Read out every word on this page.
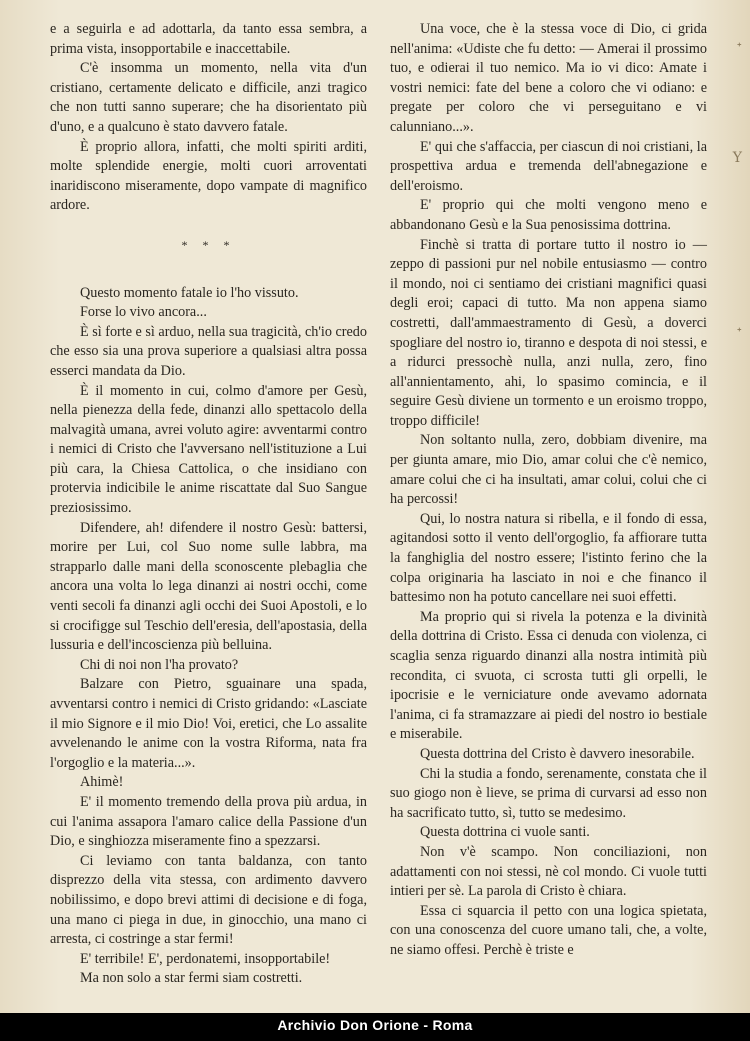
e a seguirla e ad adottarla, da tanto essa sembra, a prima vista, insopportabile e inaccettabile.

C'è insomma un momento, nella vita d'un cristiano, certamente delicato e difficile, anzi tragico che non tutti sanno superare; che ha disorientato più d'uno, e a qualcuno è stato davvero fatale.

È proprio allora, infatti, che molti spiriti arditi, molte splendide energie, molti cuori arroventati inaridiscono miseramente, dopo vampate di magnifico ardore.

* * *

Questo momento fatale io l'ho vissuto.

Forse lo vivo ancora...

È sì forte e sì arduo, nella sua tragicità, ch'io credo che esso sia una prova superiore a qualsiasi altra possa esserci mandata da Dio.

È il momento in cui, colmo d'amore per Gesù, nella pienezza della fede, dinanzi allo spettacolo della malvagità umana, avrei voluto agire: avventarmi contro i nemici di Cristo che l'avversano nell'istituzione a Lui più cara, la Chiesa Cattolica, o che insidiano con protervia indicibile le anime riscattate dal Suo Sangue preziosissimo.

Difendere, ah! difendere il nostro Gesù: battersi, morire per Lui, col Suo nome sulle labbra, ma strapparlo dalle mani della sconoscente plebaglia che ancora una volta lo lega dinanzi ai nostri occhi, come venti secoli fa dinanzi agli occhi dei Suoi Apostoli, e lo si crocifigge sul Teschio dell'eresia, dell'apostasia, della lussuria e dell'incoscienza più belluina.

Chi di noi non l'ha provato?

Balzare con Pietro, sguainare una spada, avventarsi contro i nemici di Cristo gridando: «Lasciate il mio Signore e il mio Dio! Voi, eretici, che Lo assalite avvelenando le anime con la vostra Riforma, nata fra l'orgoglio e la materia...».

Ahimè!

E' il momento tremendo della prova più ardua, in cui l'anima assapora l'amaro calice della Passione d'un Dio, e singhiozza miseramente fino a spezzarsi.

Ci leviamo con tanta baldanza, con tanto disprezzo della vita stessa, con ardimento davvero nobilissimo, e dopo brevi attimi di decisione e di foga, una mano ci piega in due, in ginocchio, una mano ci arresta, ci costringe a star fermi!

E' terribile! E', perdonatemi, insopportabile!

Ma non solo a star fermi siam costretti.

Una voce, che è la stessa voce di Dio, ci grida nell'anima: «Udiste che fu detto: — Amerai il prossimo tuo, e odierai il tuo nemico. Ma io vi dico: Amate i vostri nemici: fate del bene a coloro che vi odiano: e pregate per coloro che vi perseguitano e vi calunniano...».

E' qui che s'affaccia, per ciascun di noi cristiani, la prospettiva ardua e tremenda dell'abnegazione e dell'eroismo.

E' proprio qui che molti vengono meno e abbandonano Gesù e la Sua penosissima dottrina.

Finchè si tratta di portare tutto il nostro io — zeppo di passioni pur nel nobile entusiasmo — contro il mondo, noi ci sentiamo dei cristiani magnifici quasi degli eroi; capaci di tutto. Ma non appena siamo costretti, dall'ammaestramento di Gesù, a doverci spogliare del nostro io, tiranno e despota di noi stessi, e a ridurci pressochè nulla, anzi nulla, zero, fino all'annientamento, ahi, lo spasimo comincia, e il seguire Gesù diviene un tormento e un eroismo troppo, troppo difficile!

Non soltanto nulla, zero, dobbiam divenire, ma per giunta amare, mio Dio, amar colui che c'è nemico, amare colui che ci ha insultati, amar colui, colui che ci ha percossi!

Qui, lo nostra natura si ribella, e il fondo di essa, agitandosi sotto il vento dell'orgoglio, fa affiorare tutta la fanghiglia del nostro essere; l'istinto ferino che la colpa originaria ha lasciato in noi e che financo il battesimo non ha potuto cancellare nei suoi effetti.

Ma proprio qui si rivela la potenza e la divinità della dottrina di Cristo. Essa ci denuda con violenza, ci scaglia senza riguardo dinanzi alla nostra intimità più recondita, ci svuota, ci scrosta tutti gli orpelli, le ipocrisie e le verniciature onde avevamo adornata l'anima, ci fa stramazzare ai piedi del nostro io bestiale e miserabile.

Questa dottrina del Cristo è davvero inesorabile.

Chi la studia a fondo, serenamente, constata che il suo giogo non è lieve, se prima di curvarsi ad esso non ha sacrificato tutto, sì, tutto se medesimo.

Questa dottrina ci vuole santi.

Non v'è scampo. Non conciliazioni, non adattamenti con noi stessi, nè col mondo. Ci vuole tutti intieri per sè. La parola di Cristo è chiara.

Essa ci squarcia il petto con una logica spietata, con una conoscenza del cuore umano tali, che, a volte, ne siamo offesi. Perchè è triste e

ᐩ
Y
ᐩ
Archivio Don Orione - Roma
